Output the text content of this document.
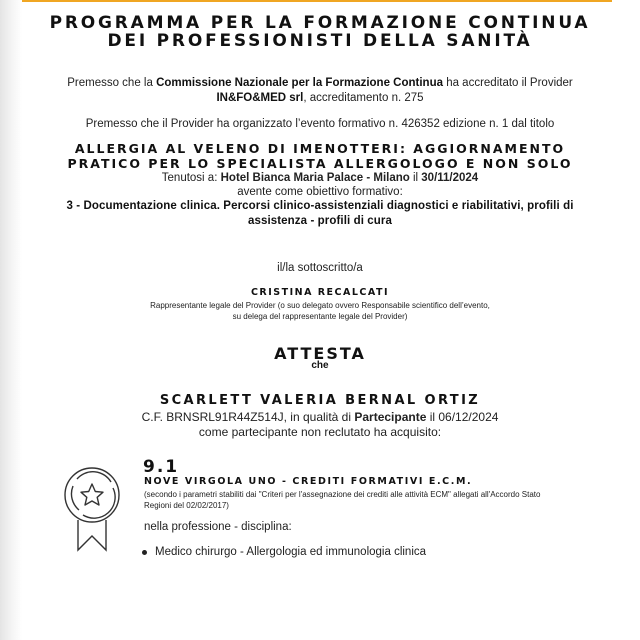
PROGRAMMA PER LA FORMAZIONE CONTINUA
DEI PROFESSIONISTI DELLA SANITÀ
Premesso che la Commissione Nazionale per la Formazione Continua ha accreditato il Provider
IN&FO&MED srl, accreditamento n. 275
Premesso che il Provider ha organizzato l’evento formativo n. 426352 edizione n. 1 dal titolo
ALLERGIA AL VELENO DI IMENOTTERI: AGGIORNAMENTO
PRATICO PER LO SPECIALISTA ALLERGOLOGO E NON SOLO
Tenutosi a: Hotel Bianca Maria Palace - Milano il 30/11/2024
avente come obiettivo formativo:
3 - Documentazione clinica. Percorsi clinico-assistenziali diagnostici e riabilitativi, profili di
assistenza - profili di cura
il/la sottoscritto/a
CRISTINA RECALCATI
Rappresentante legale del Provider (o suo delegato ovvero Responsabile scientifico dell’evento,
su delega del rappresentante legale del Provider)
ATTESTA
che
SCARLETT VALERIA BERNAL ORTIZ
C.F. BRNSRL91R44Z514J, in qualità di Partecipante il 06/12/2024
come partecipante non reclutato ha acquisito:
9.1
NOVE VIRGOLA UNO - CREDITI FORMATIVI E.C.M.
(secondo i parametri stabiliti dai "Criteri per l'assegnazione dei crediti alle attività ECM" allegati all'Accordo Stato
Regioni del 02/02/2017)
nella professione - disciplina:
Medico chirurgo - Allergologia ed immunologia clinica
